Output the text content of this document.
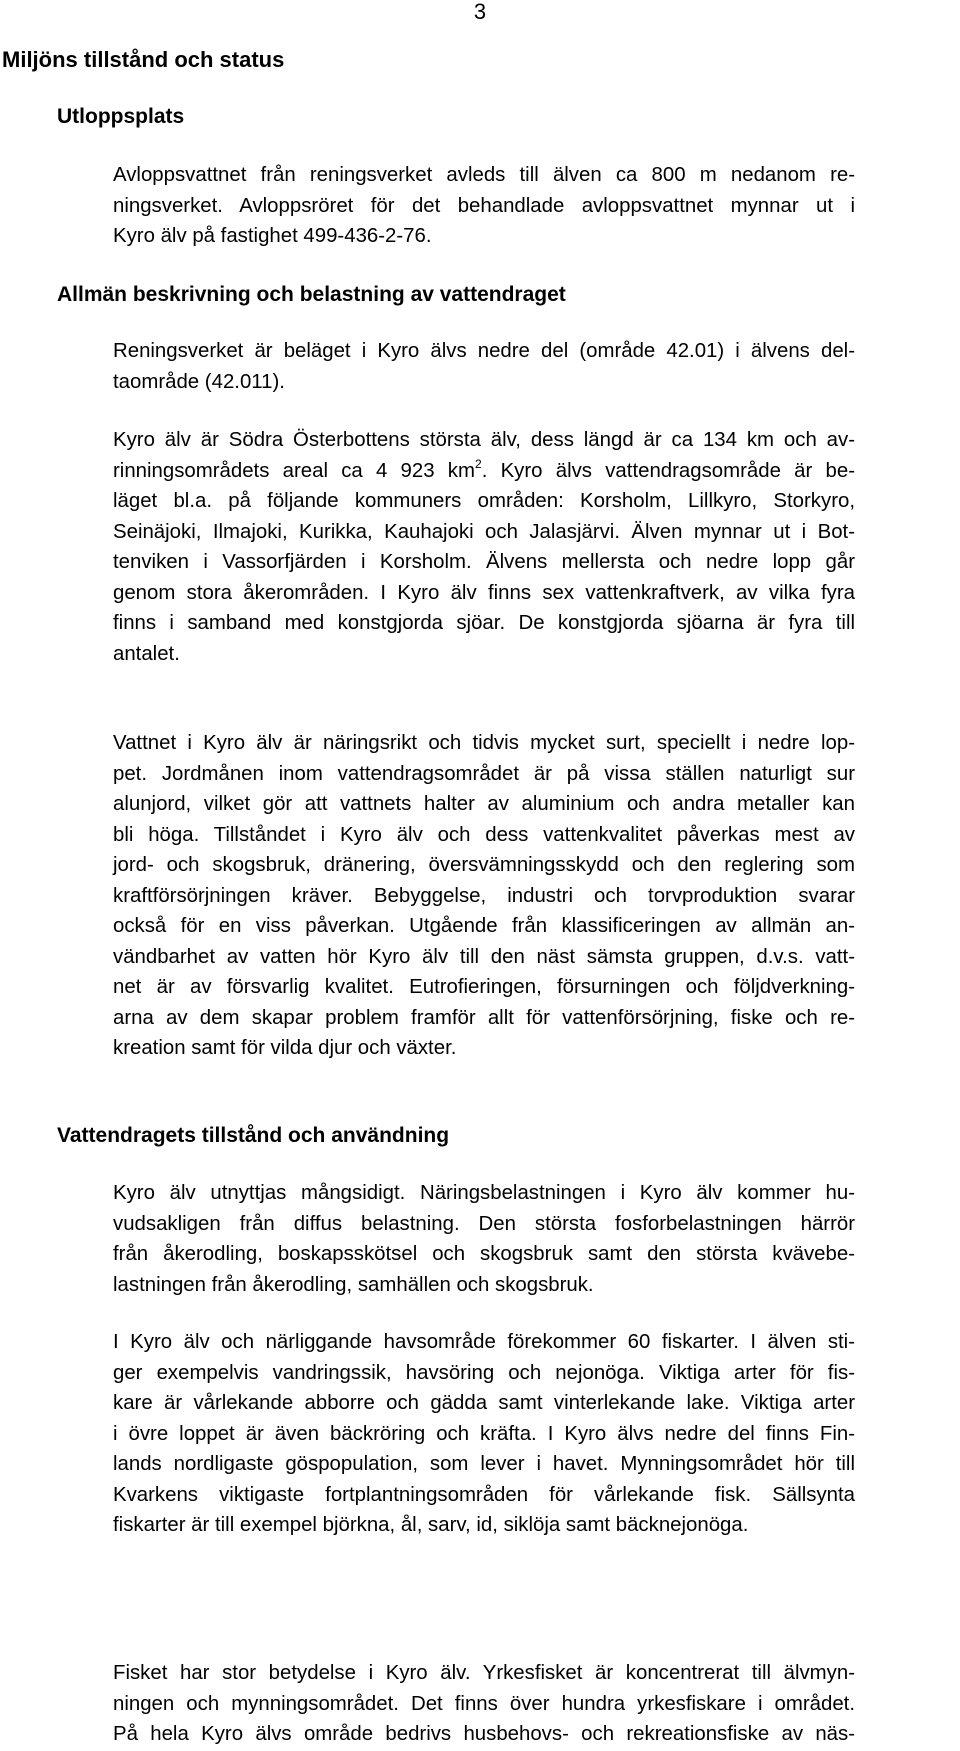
3
Miljöns tillstånd och status
Utloppsplats
Avloppsvattnet från reningsverket avleds till älven ca 800 m nedanom re-
ningsverket. Avloppsröret för det behandlade avloppsvattnet mynnar ut i
Kyro älv på fastighet 499-436-2-76.
Allmän beskrivning och belastning av vattendraget
Reningsverket är beläget i Kyro älvs nedre del (område 42.01) i älvens del-
taområde (42.011).
Kyro älv är Södra Österbottens största älv, dess längd är ca 134 km och av-
rinningsområdets areal ca 4 923 $km^2$. Kyro älvs vattendragsområde är be-
läget bl.a. på följande kommuners områden: Korsholm, Lillkyro, Storkyro,
Seinäjoki, Ilmajoki, Kurikka, Kauhajoki och Jalasjärvi. Älven mynnar ut i Bot-
tenviken i Vassorfjärden i Korsholm. Älvens mellersta och nedre lopp går
genom stora åkerområden. I Kyro älv finns sex vattenkraftverk, av vilka fyra
finns i samband med konstgjorda sjöar. De konstgjorda sjöarna är fyra till
antalet.
Vattnet i Kyro älv är näringsrikt och tidvis mycket surt, speciellt i nedre lop-
pet. Jordmånen inom vattendragsområdet är på vissa ställen naturligt sur
alunjord, vilket gör att vattnets halter av aluminium och andra metaller kan
bli höga. Tillståndet i Kyro älv och dess vattenkvalitet påverkas mest av
jord- och skogsbruk, dränering, översvämningsskydd och den reglering som
kraftförsörjningen kräver. Bebyggelse, industri och torvproduktion svarar
också för en viss påverkan. Utgående från klassificeringen av allmän an-
vändbarhet av vatten hör Kyro älv till den näst sämsta gruppen, d.v.s. vatt-
net är av försvarlig kvalitet. Eutrofieringen, försurningen och följdverkning-
arna av dem skapar problem framför allt för vattenförsörjning, fiske och re-
kreation samt för vilda djur och växter.
Vattendragets tillstånd och användning
Kyro älv utnyttjas mångsidigt. Näringsbelastningen i Kyro älv kommer hu-
vudsakligen från diffus belastning. Den största fosforbelastningen härrör
från åkerodling, boskapsskötsel och skogsbruk samt den största kvävebe-
lastningen från åkerodling, samhällen och skogsbruk.
I Kyro älv och närliggande havsområde förekommer 60 fiskarter. I älven sti-
ger exempelvis vandringssik, havsöring och nejonöga. Viktiga arter för fis-
kare är vårlekande abborre och gädda samt vinterlekande lake. Viktiga arter
i övre loppet är även bäckröring och kräfta. I Kyro älvs nedre del finns Fin-
lands nordligaste göspopulation, som lever i havet. Mynningsområdet hör till
Kvarkens viktigaste fortplantningsområden för vårlekande fisk. Sällsynta
fiskarter är till exempel björkna, ål, sarv, id, siklöja samt bäcknejonöga.
Fisket har stor betydelse i Kyro älv. Yrkesfisket är koncentrerat till älvmyn-
ningen och mynningsområdet. Det finns över hundra yrkesfiskare i området.
På hela Kyro älvs område bedrivs husbehovs- och rekreationsfiske av näs-
